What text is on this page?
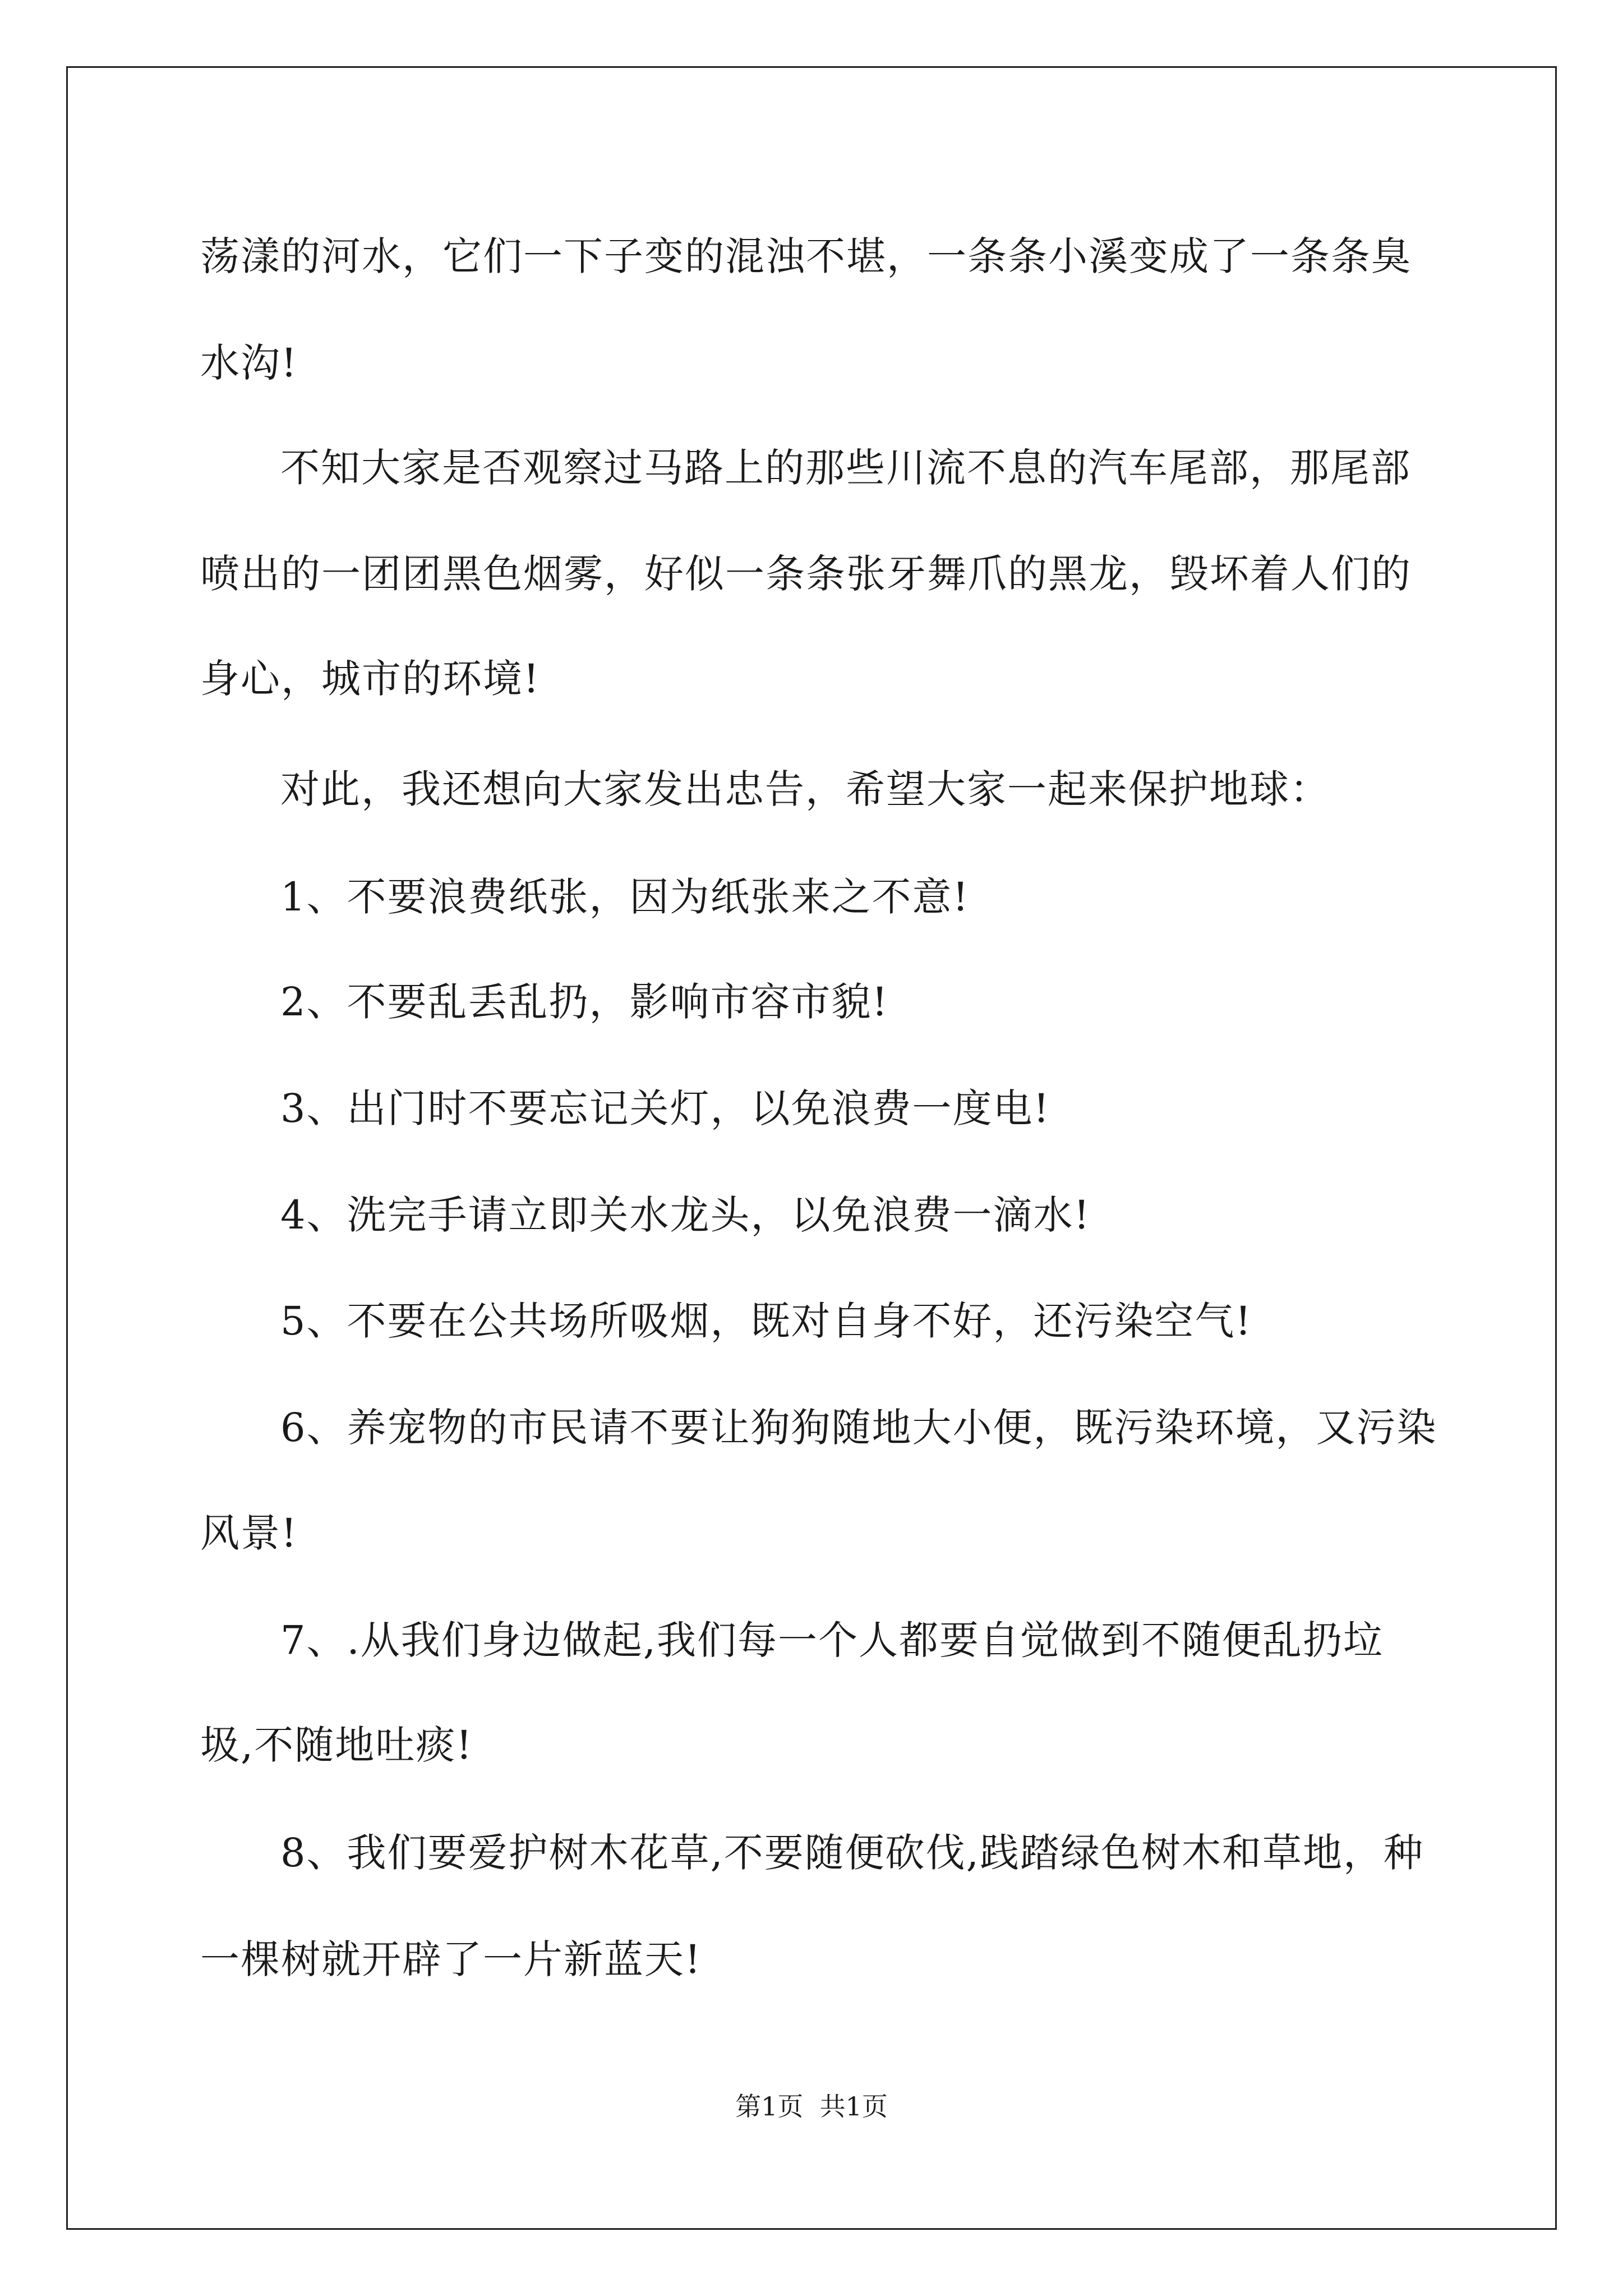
荡漾的河水，它们一下子变的混浊不堪，一条条小溪变成了一条条臭
水沟!
不知大家是否观察过马路上的那些川流不息的汽车尾部，那尾部
喷出的一团团黑色烟雾，好似一条条张牙舞爪的黑龙，毁坏着人们的
身心，城市的环境!
对此，我还想向大家发出忠告，希望大家一起来保护地球：
1、不要浪费纸张，因为纸张来之不意!
2、不要乱丢乱扔，影响市容市貌!
3、出门时不要忘记关灯，以免浪费一度电!
4、洗完手请立即关水龙头，以免浪费一滴水!
5、不要在公共场所吸烟，既对自身不好，还污染空气!
6、养宠物的市民请不要让狗狗随地大小便，既污染环境，又污染
风景!
7、.从我们身边做起,我们每一个人都要自觉做到不随便乱扔垃
圾,不随地吐痰!
8、我们要爱护树木花草,不要随便砍伐,践踏绿色树木和草地，种
一棵树就开辟了一片新蓝天!
第1页  共1页
